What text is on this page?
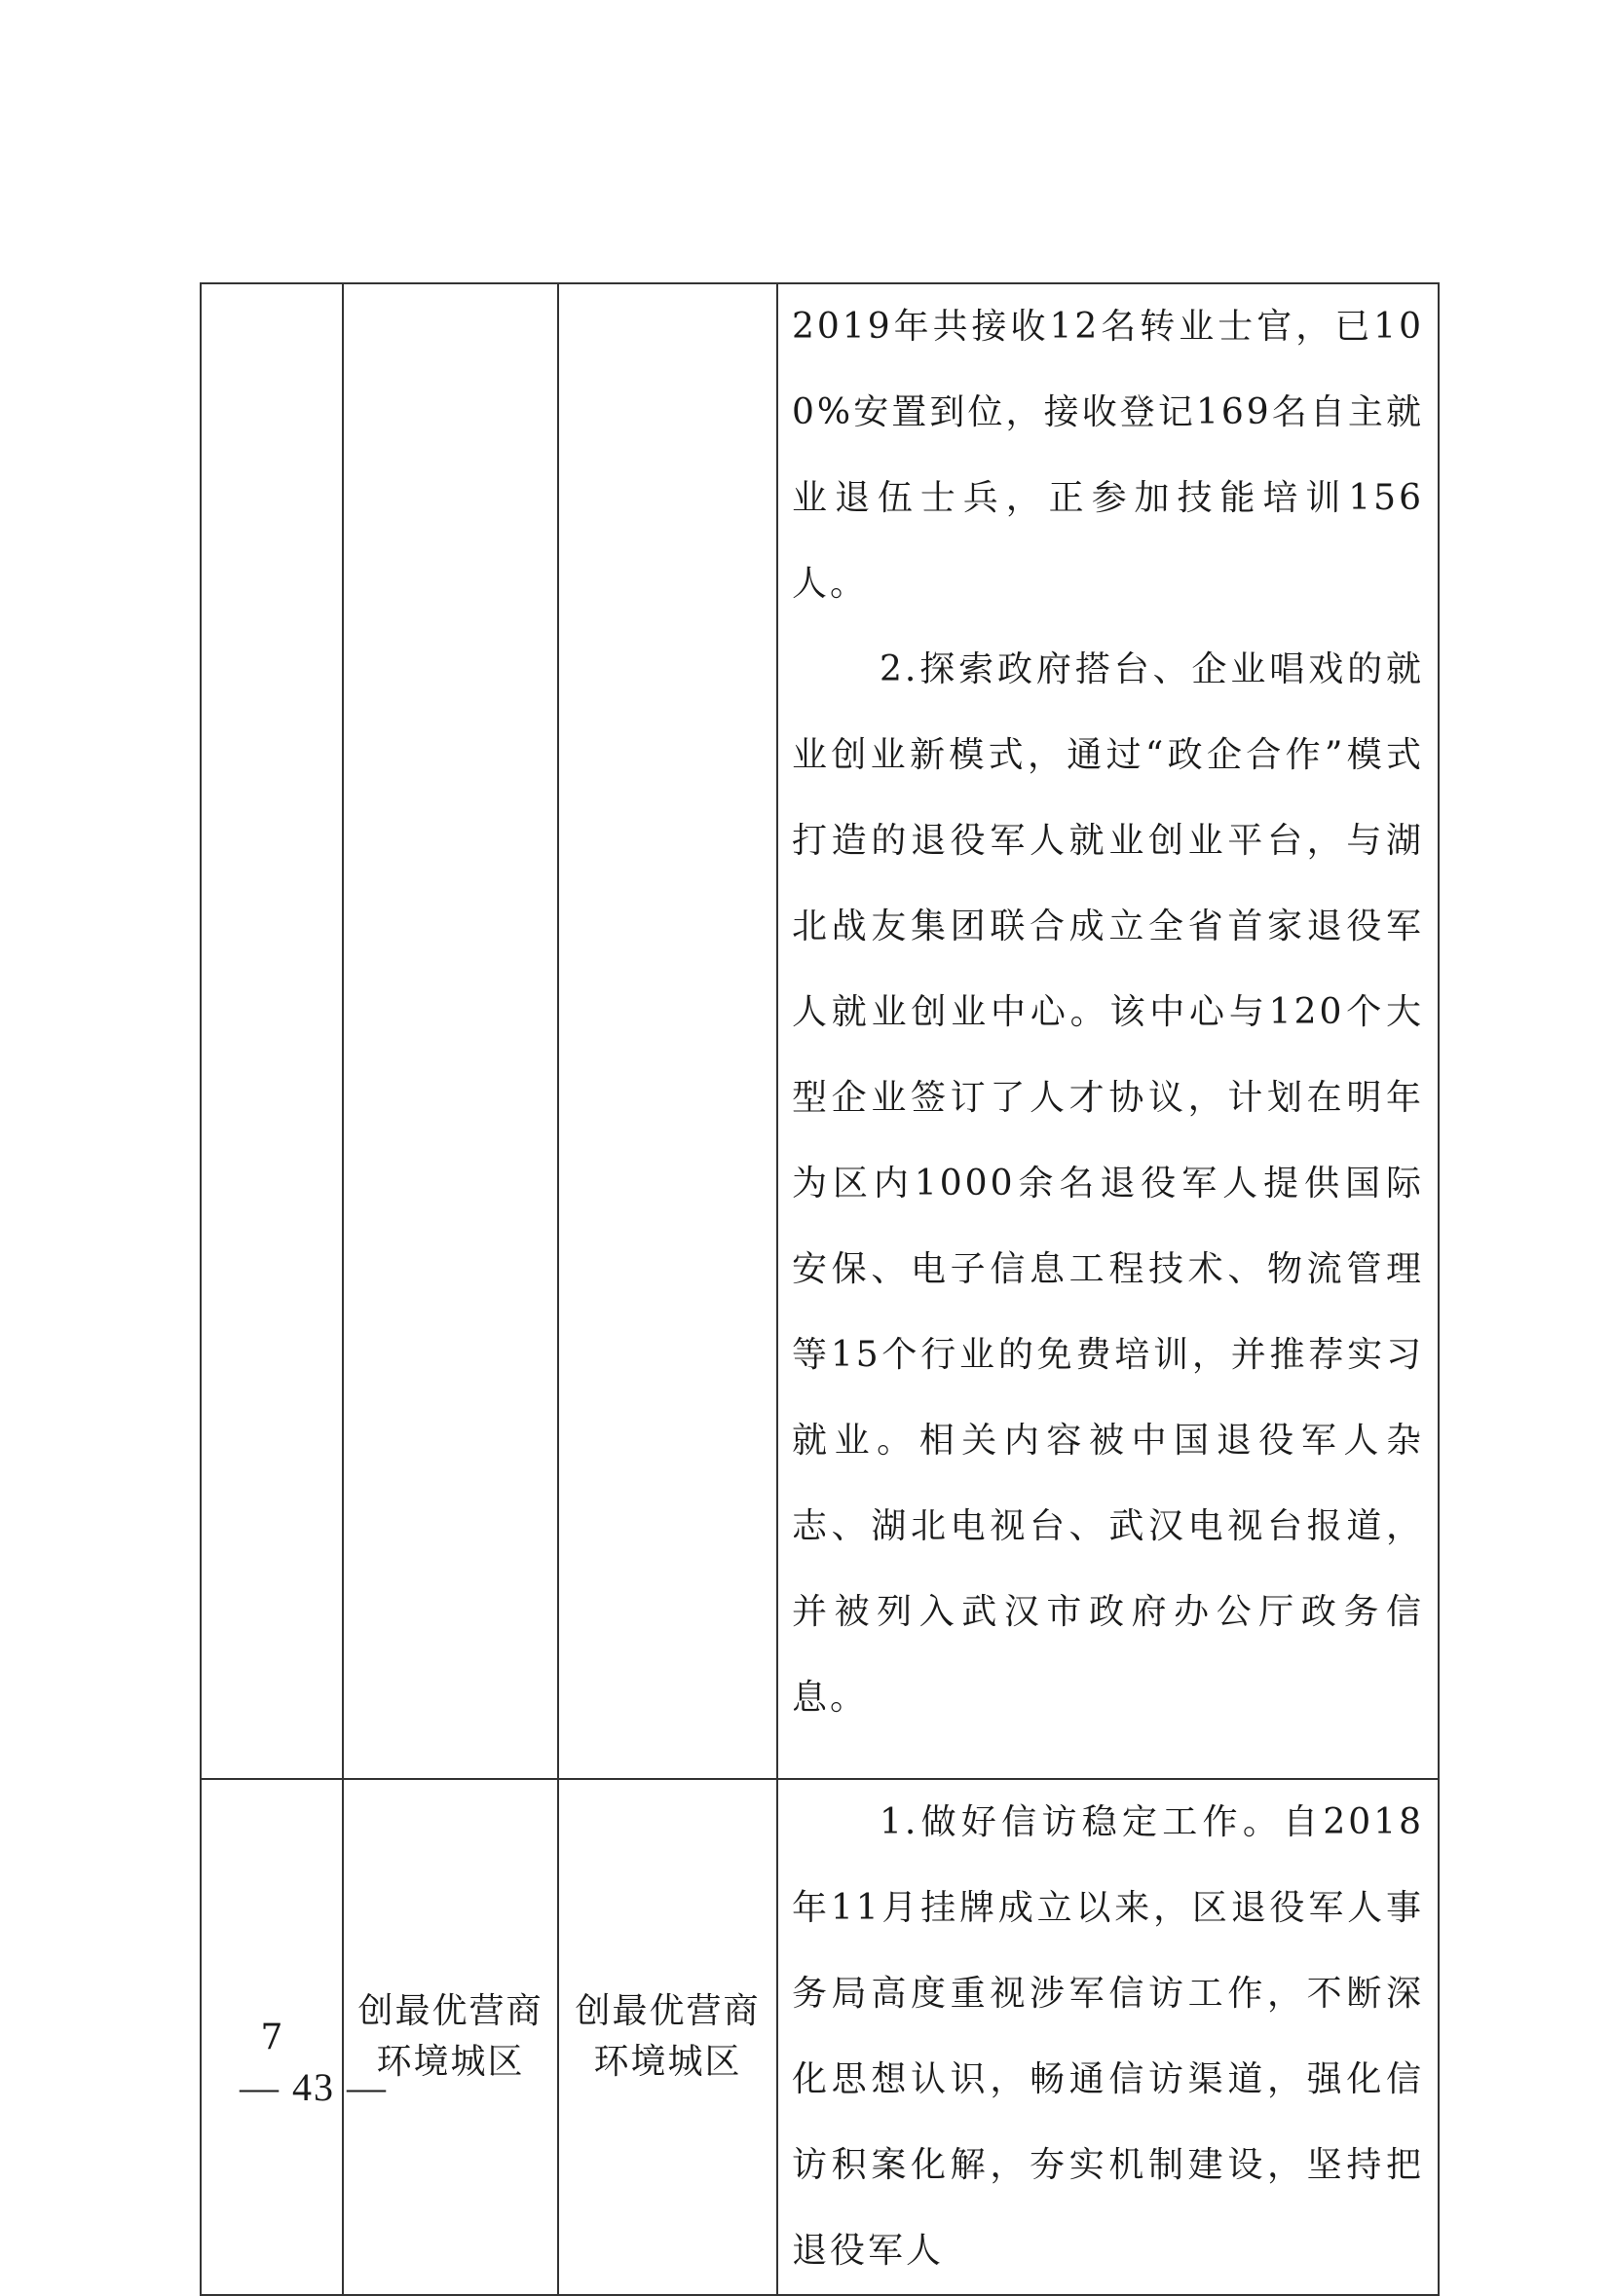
			2019年共接收12名转业士官，已100%安置到位，接收登记169名自主就业退伍士兵，正参加技能培训156人。

2.探索政府搭台、企业唱戏的就业创业新模式，通过“政企合作”模式打造的退役军人就业创业平台，与湖北战友集团联合成立全省首家退役军人就业创业中心。该中心与120个大型企业签订了人才协议，计划在明年为区内1000余名退役军人提供国际安保、电子信息工程技术、物流管理等15个行业的免费培训，并推荐实习就业。相关内容被中国退役军人杂志、湖北电视台、武汉电视台报道，并被列入武汉市政府办公厅政务信息。

7	创最优营商环境城区	创最优营商环境城区	1.做好信访稳定工作。自2018年11月挂牌成立以来，区退役军人事务局高度重视涉军信访工作，不断深化思想认识，畅通信访渠道，强化信访积案化解，夯实机制建设，坚持把退役军人

— 43 —
